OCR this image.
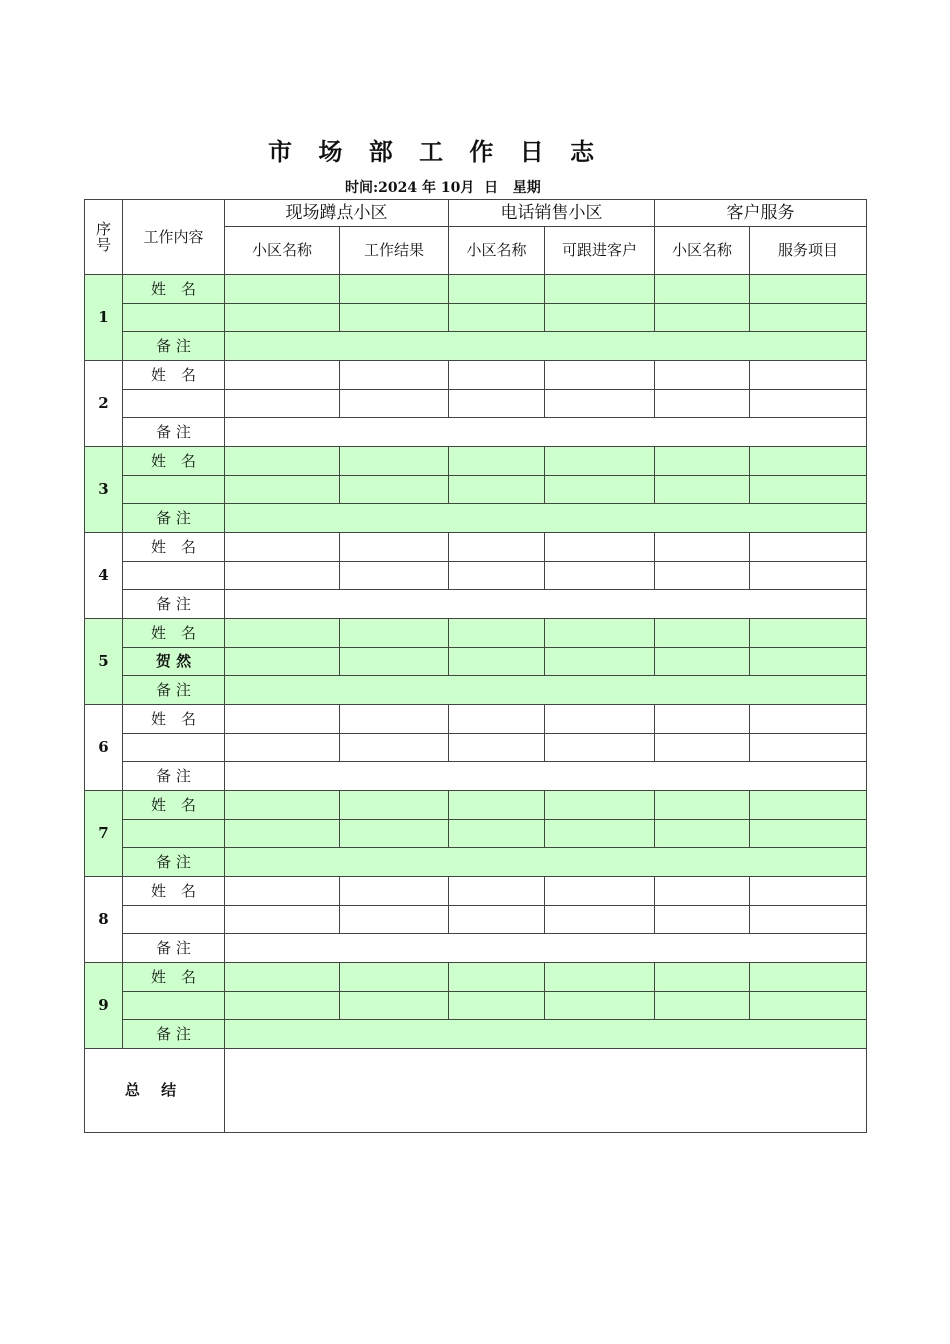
市 场 部 工 作 日 志
时间:2024 年 10月 日 星期
序号	工作内容	现场蹲点小区		电话销售小区		客户服务	
		小区名称	工作结果	小区名称	可跟进客户	小区名称	服务项目
1	姓　名						

	备 注						
2	姓　名						

	备 注						
3	姓　名						

	备 注						
4	姓　名						

	备 注						
5	姓　名						
	贺 然						
	备 注						
6	姓　名						

	备 注						
7	姓　名						

	备 注						
8	姓　名						

	备 注						
9	姓　名						

	备 注						
总 结							
